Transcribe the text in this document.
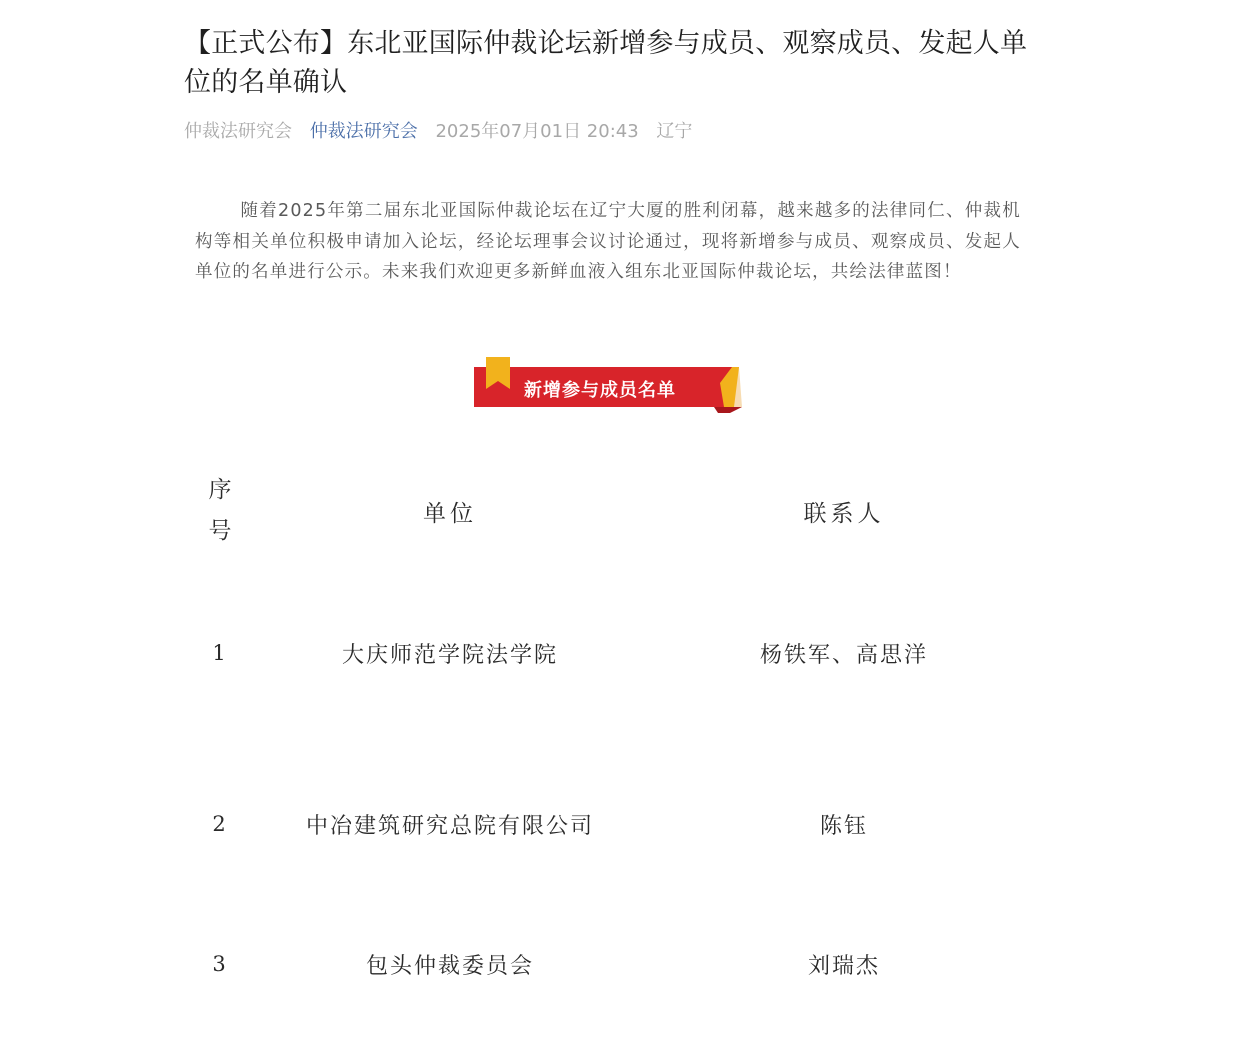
【正式公布】东北亚国际仲裁论坛新增参与成员、观察成员、发起人单位的名单确认
仲裁法研究会 仲裁法研究会 2025年07月01日 20:43 辽宁

随着2025年第二届东北亚国际仲裁论坛在辽宁大厦的胜利闭幕，越来越多的法律同仁、仲裁机构等相关单位积极申请加入论坛，经论坛理事会议讨论通过，现将新增参与成员、观察成员、发起人单位的名单进行公示。未来我们欢迎更多新鲜血液入组东北亚国际仲裁论坛，共绘法律蓝图！

新增参与成员名单
序号	单位	联系人
1	大庆师范学院法学院	杨铁军、高思洋
2	中冶建筑研究总院有限公司	陈钰
3	包头仲裁委员会	刘瑞杰
